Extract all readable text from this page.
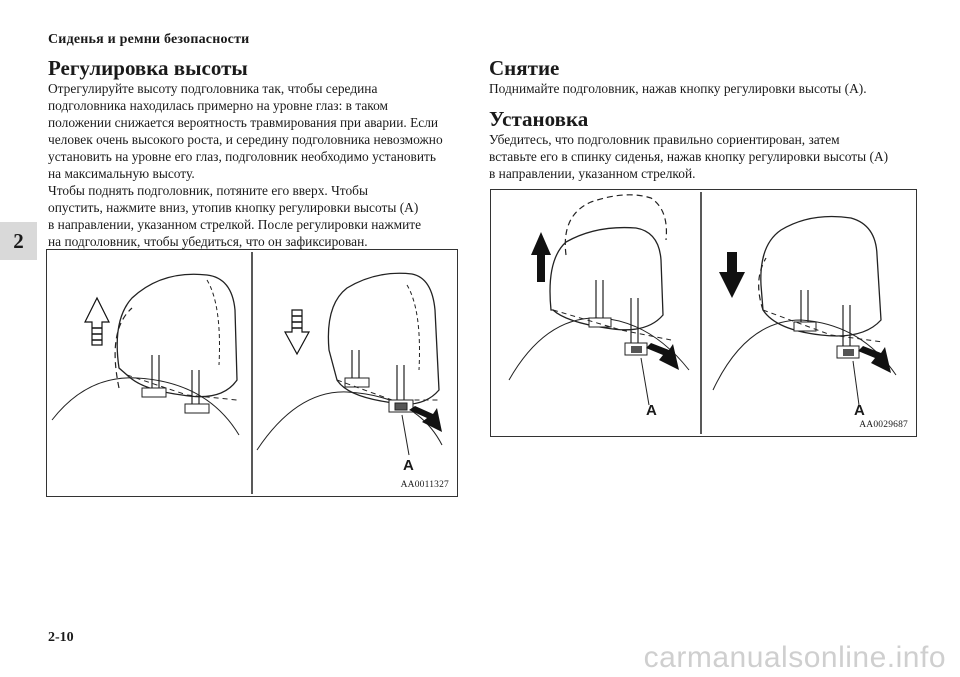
Сиденья и ремни безопасности
2
Регулировка высоты

Отрегулируйте высоту подголовника так, чтобы середина
подголовника находилась примерно на уровне глаз: в таком
положении снижается вероятность травмирования при аварии. Если
человек очень высокого роста, и середину подголовника невозможно
установить на уровне его глаз, подголовник необходимо установить
на максимальную высоту.
Чтобы поднять подголовник, потяните его вверх. Чтобы
опустить, нажмите вниз, утопив кнопку регулировки высоты (A)
в направлении, указанном стрелкой. После регулировки нажмите
на подголовник, чтобы убедиться, что он зафиксирован.

A
AA0011327
Снятие

Поднимайте подголовник, нажав кнопку регулировки высоты (A).

Установка

Убедитесь, что подголовник правильно сориентирован, затем
вставьте его в спинку сиденья, нажав кнопку регулировки высоты (A)
в направлении, указанном стрелкой.

A	A
AA0029687
2-10
carmanualsonline.info
